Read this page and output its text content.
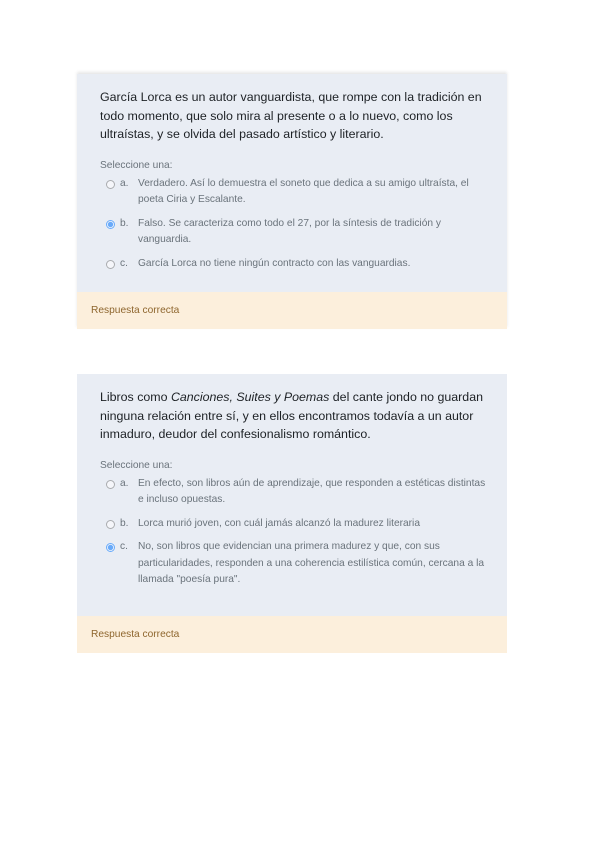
García Lorca es un autor vanguardista, que rompe con la tradición en todo momento, que solo mira al presente o a lo nuevo, como los ultraístas, y se olvida del pasado artístico y literario.

Seleccione una:
a. Verdadero. Así lo demuestra el soneto que dedica a su amigo ultraísta, el poeta Ciria y Escalante.
b. Falso. Se caracteriza como todo el 27, por la síntesis de tradición y vanguardia.
c. García Lorca no tiene ningún contracto con las vanguardias.
Respuesta correcta

Libros como Canciones, Suites y Poemas del cante jondo no guardan ninguna relación entre sí, y en ellos encontramos todavía a un autor inmaduro, deudor del confesionalismo romántico.

Seleccione una:
a. En efecto, son libros aún de aprendizaje, que responden a estéticas distintas e incluso opuestas.
b. Lorca murió joven, con cuál jamás alcanzó la madurez literaria
c. No, son libros que evidencian una primera madurez y que, con sus particularidades, responden a una coherencia estilística común, cercana a la llamada "poesía pura".
Respuesta correcta
